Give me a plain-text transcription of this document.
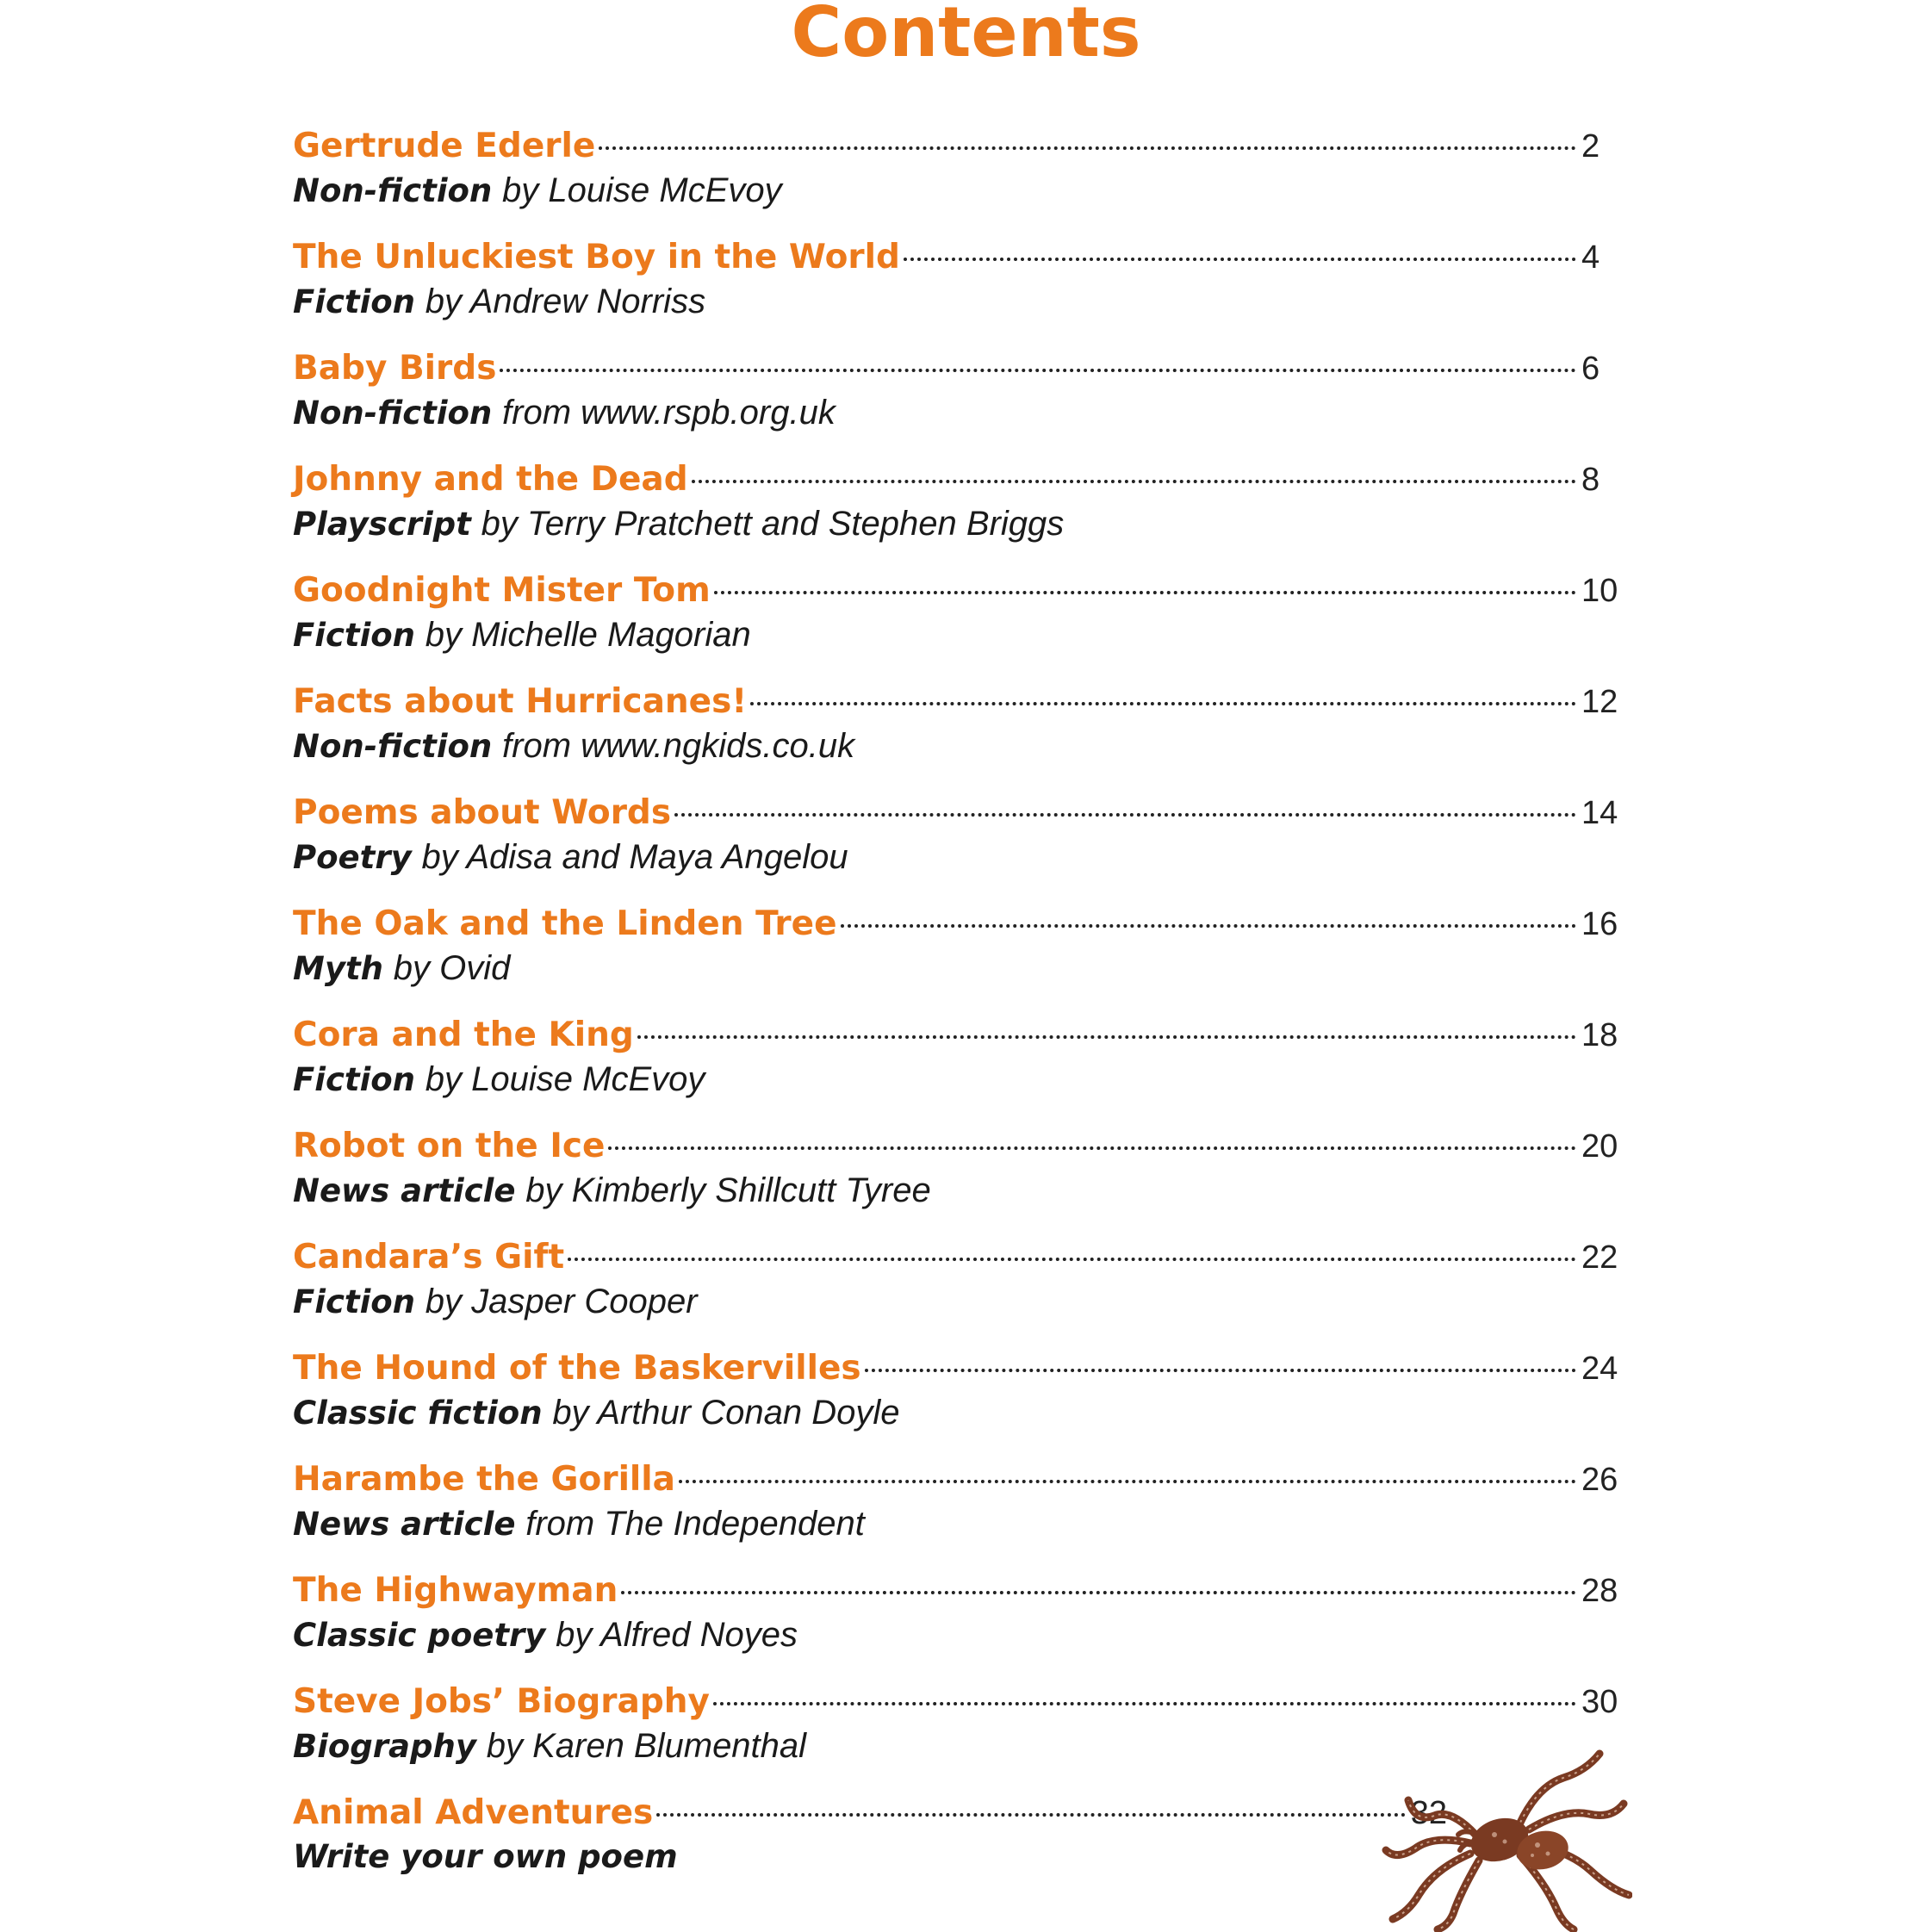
Contents
Gertrude Ederle	2
Non-fiction by Louise McEvoy
The Unluckiest Boy in the World	4
Fiction by Andrew Norriss
Baby Birds	6
Non-fiction from www.rspb.org.uk
Johnny and the Dead	8
Playscript by Terry Pratchett and Stephen Briggs
Goodnight Mister Tom	10
Fiction by Michelle Magorian
Facts about Hurricanes!	12
Non-fiction from www.ngkids.co.uk
Poems about Words	14
Poetry by Adisa and Maya Angelou
The Oak and the Linden Tree	16
Myth by Ovid
Cora and the King	18
Fiction by Louise McEvoy
Robot on the Ice	20
News article by Kimberly Shillcutt Tyree
Candara’s Gift	22
Fiction by Jasper Cooper
The Hound of the Baskervilles	24
Classic fiction by Arthur Conan Doyle
Harambe the Gorilla	26
News article from The Independent
The Highwayman	28
Classic poetry by Alfred Noyes
Steve Jobs’ Biography	30
Biography by Karen Blumenthal
Animal Adventures	32
Write your own poem
